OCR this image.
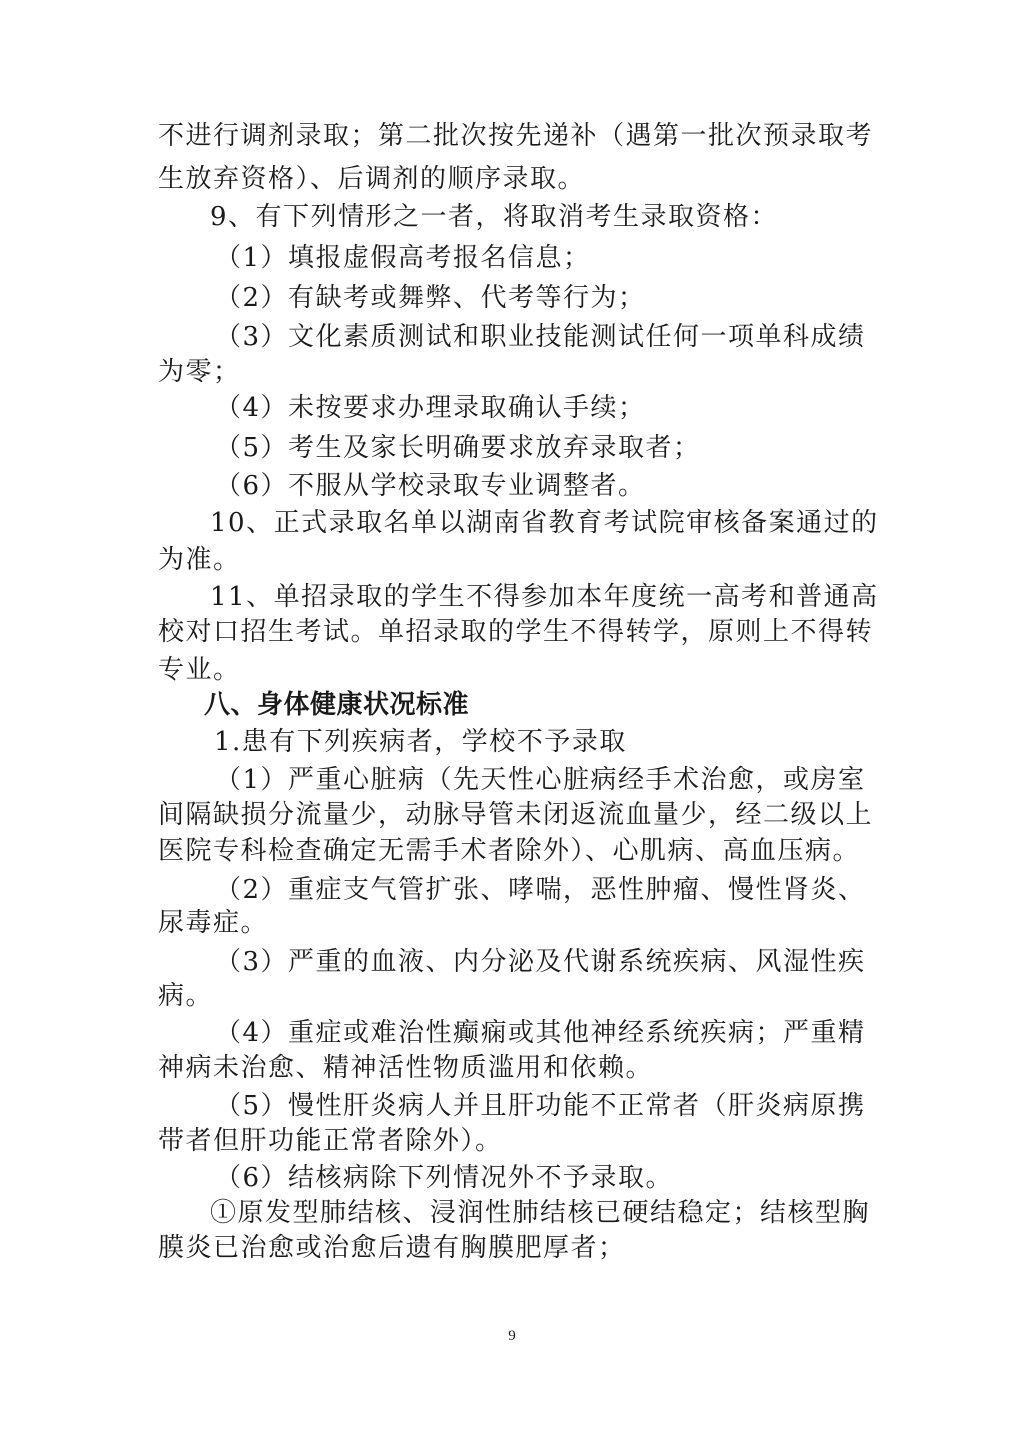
不进行调剂录取；第二批次按先递补（遇第一批次预录取考
生放弃资格）、后调剂的顺序录取。
9、有下列情形之一者，将取消考生录取资格：
（1）填报虚假高考报名信息；
（2）有缺考或舞弊、代考等行为；
（3）文化素质测试和职业技能测试任何一项单科成绩
为零；
（4）未按要求办理录取确认手续；
（5）考生及家长明确要求放弃录取者；
（6）不服从学校录取专业调整者。
10、正式录取名单以湖南省教育考试院审核备案通过的
为准。
11、单招录取的学生不得参加本年度统一高考和普通高
校对口招生考试。单招录取的学生不得转学，原则上不得转
专业。
八、身体健康状况标准
1.患有下列疾病者，学校不予录取
（1）严重心脏病（先天性心脏病经手术治愈，或房室
间隔缺损分流量少，动脉导管未闭返流血量少，经二级以上
医院专科检查确定无需手术者除外）、心肌病、高血压病。
（2）重症支气管扩张、哮喘，恶性肿瘤、慢性肾炎、
尿毒症。
（3）严重的血液、内分泌及代谢系统疾病、风湿性疾
病。
（4）重症或难治性癫痫或其他神经系统疾病；严重精
神病未治愈、精神活性物质滥用和依赖。
（5）慢性肝炎病人并且肝功能不正常者（肝炎病原携
带者但肝功能正常者除外）。
（6）结核病除下列情况外不予录取。
①原发型肺结核、浸润性肺结核已硬结稳定；结核型胸
膜炎已治愈或治愈后遗有胸膜肥厚者；
9
